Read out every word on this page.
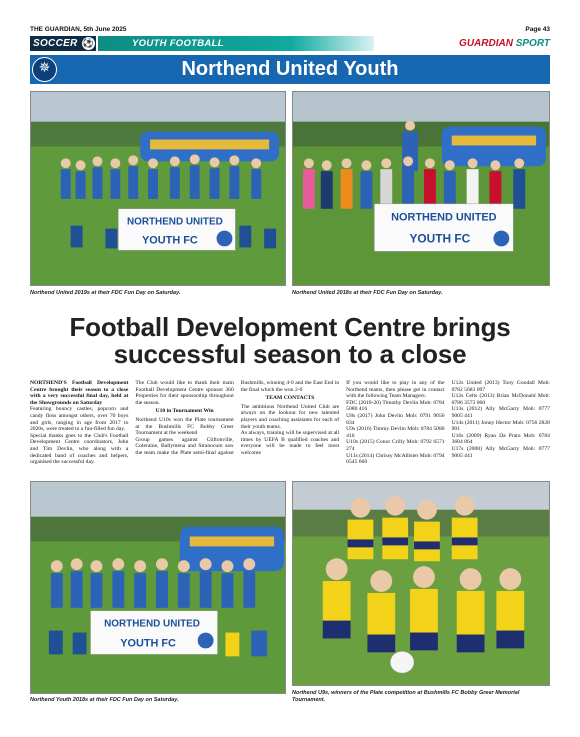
THE GUARDIAN, 5th June 2025	Page 43
SOCCER ⚽	YOUTH FOOTBALL	GUARDIAN SPORT
✵	Northend United Youth
NORTHEND UNITED
YOUTH FC
Northend United 2019s at their FDC Fun Day on Saturday.
NORTHEND UNITED
YOUTH FC
Northend United 2018s at their FDC Fun Day on Saturday.
Football Development Centre brings successful season to a close

NORTHEND'S Football Development Centre brought their season to a close with a very successful final day, held at the Showgrounds on Saturday

Featuring bouncy castles, popcorn and candy floss amongst others, over 70 boys and girls, ranging in age from 2017 to 2020s, were treated to a fun-filled fun day.

Special thanks goes to the Club's Football Development Centre coordinators, John and Tim Devlin, who along with a dedicated band of coaches and helpers, organised the successful day.

The Club would like to thank their main Football Development Centre sponsor 360 Properties for their sponsorship throughout the season.

U10 in Tournament Win

Northend U10s won the Plate tournament at the Bushmills FC Bobby Greer Tournament at the weekend

Group games against Cliftonville, Coleraine, Ballymena and Stranocum saw the team make the Plate semi-final against Bushmills, winning 4-0 and the East End in the final which the won 2-0

TEAM CONTACTS

The ambitious Northend United Club are always on the lookout for new talented players and coaching assistants for each of their youth teams.

As always, training will be supervised at all times by UEFA B qualified coaches and everyone will be made to feel most welcome

If you would like to play in any of the Northend teams, then please get in contact with the following Team Managers:

FDC (2018-20) Timothy Devlin Mob: 0784 5080 416

U8s (2017) John Devlin Mob: 0791 9056 834

U9s (2016) Timmy Devlin Mob: 0784 5080 416

U10s (2015) Conor Crilly Mob: 0792 6571 274

U11s (2014) Chrissy McAllister Mob: 0794 0545 660

U12s United (2013) Tony Goodall Mob: 0782 5683 097

U12s Celts (2013) Brian McDonald Mob: 0786 3573 060

U13s (2012) Ally McGarry Mob: 0777 9005 441

U14s (2011) Jonny Hector Mob: 0756 2828 901

U16s (2009) Ryan Da Prato Mob: 0784 3684 864

U17s (2008) Ally McGarry Mob: 0777 9005 441

NORTHEND UNITED
YOUTH FC
Northend Youth 2018s at their FDC Fun Day on Saturday.
Northend U9s, winners of the Plate competition at Bushmills FC Bobby Greer Memorial Tournament.
